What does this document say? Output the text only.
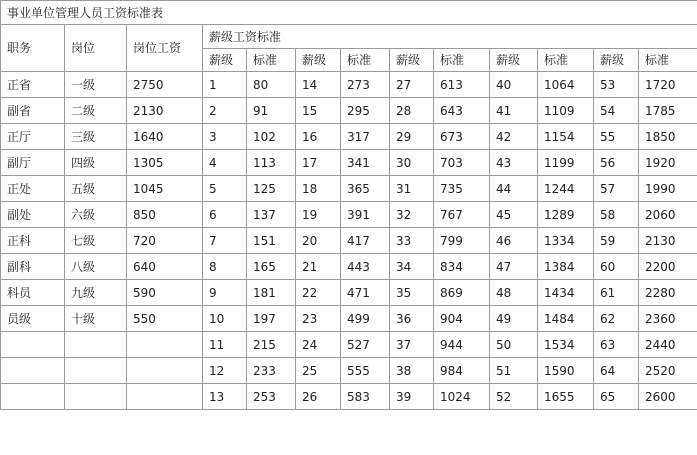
事业单位管理人员工资标准表												
职务	岗位	岗位工资	薪级工资标准									
			薪级	标准	薪级	标准	薪级	标准	薪级	标准	薪级	标准
正省	一级	2750	1	80	14	273	27	613	40	1064	53	1720
副省	二级	2130	2	91	15	295	28	643	41	1109	54	1785
正厅	三级	1640	3	102	16	317	29	673	42	1154	55	1850
副厅	四级	1305	4	113	17	341	30	703	43	1199	56	1920
正处	五级	1045	5	125	18	365	31	735	44	1244	57	1990
副处	六级	850	6	137	19	391	32	767	45	1289	58	2060
正科	七级	720	7	151	20	417	33	799	46	1334	59	2130
副科	八级	640	8	165	21	443	34	834	47	1384	60	2200
科员	九级	590	9	181	22	471	35	869	48	1434	61	2280
员级	十级	550	10	197	23	499	36	904	49	1484	62	2360
			11	215	24	527	37	944	50	1534	63	2440
			12	233	25	555	38	984	51	1590	64	2520
			13	253	26	583	39	1024	52	1655	65	2600
